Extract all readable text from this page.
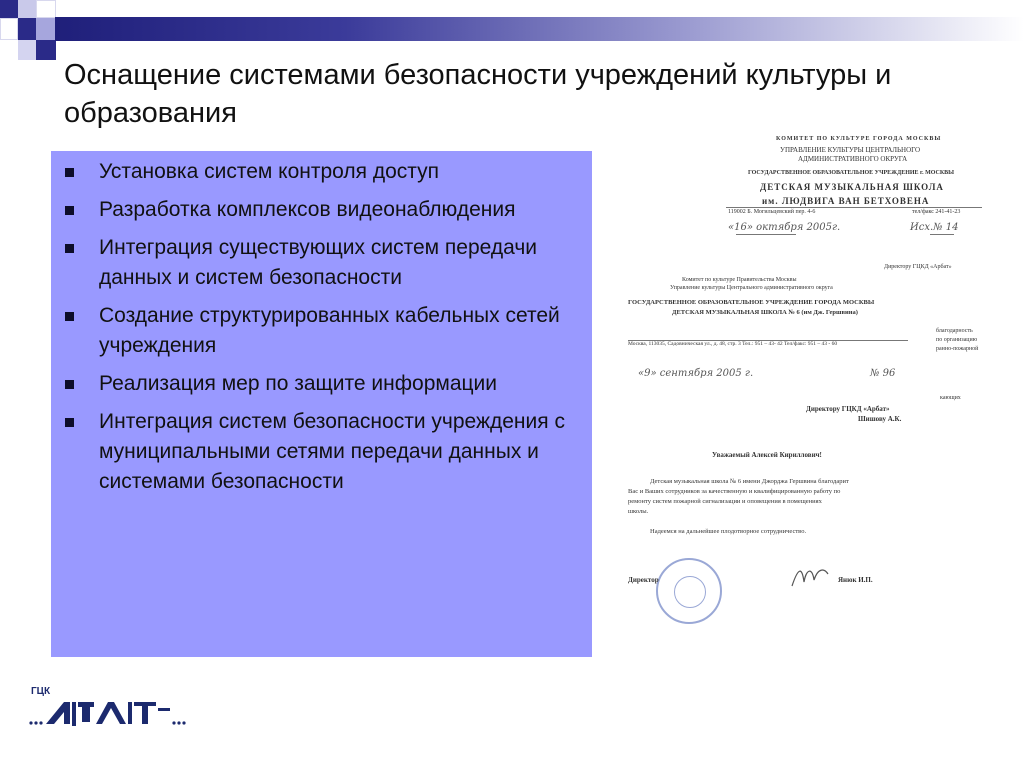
Оснащение системами безопасности учреждений культуры и образования
Установка систем контроля доступ
Разработка комплексов видеонаблюдения
Интеграция существующих систем передачи данных и систем безопасности
Создание структурированных кабельных сетей учреждения
Реализация мер по защите информации
Интеграция систем безопасности учреждения с муниципальными сетями передачи данных и системами безопасности
КОМИТЕТ ПО КУЛЬТУРЕ ГОРОДА МОСКВЫ
УПРАВЛЕНИЕ КУЛЬТУРЫ ЦЕНТРАЛЬНОГО
АДМИНИСТРАТИВНОГО ОКРУГА
ГОСУДАРСТВЕННОЕ ОБРАЗОВАТЕЛЬНОЕ УЧРЕЖДЕНИЕ г. МОСКВЫ
ДЕТСКАЯ МУЗЫКАЛЬНАЯ ШКОЛА
им. ЛЮДВИГА ВАН БЕТХОВЕНА
119002 Б. Могильцевский пер. 4-6	тел/факс 241-41-23
«16» октября 2005г.	Исх.№ 14
Директору ГЦКД «Арбат»
Комитет по культуре Правительства Москвы
Управление культуры Центрального административного округа
ГОСУДАРСТВЕННОЕ ОБРАЗОВАТЕЛЬНОЕ УЧРЕЖДЕНИЕ ГОРОДА МОСКВЫ
ДЕТСКАЯ МУЗЫКАЛЬНАЯ ШКОЛА № 6 (им Дж. Гершвина)
благодарность
Москва, 113035, Садовническая ул., д. 48, стр. 3 Тел.: 951 – 43- 42 Тел/факс: 951 – 43 - 60
по организацию
ранно-пожарной
«9» сентября 2005 г.	№ 96
кающих
Директору ГЦКД «Арбат»
Шишову А.К.
Уважаемый Алексей Кириллович!
Детская музыкальная школа № 6 имени Джорджа Гершвина благодарит
Вас и Ваших сотрудников за качественную и квалифицированную работу по
ремонту систем пожарной сигнализации и оповещения в помещениях
школы.
Надеемся на дальнейшее плодотворное сотрудничество.
Директор	Янюк И.П.
ГЦК
